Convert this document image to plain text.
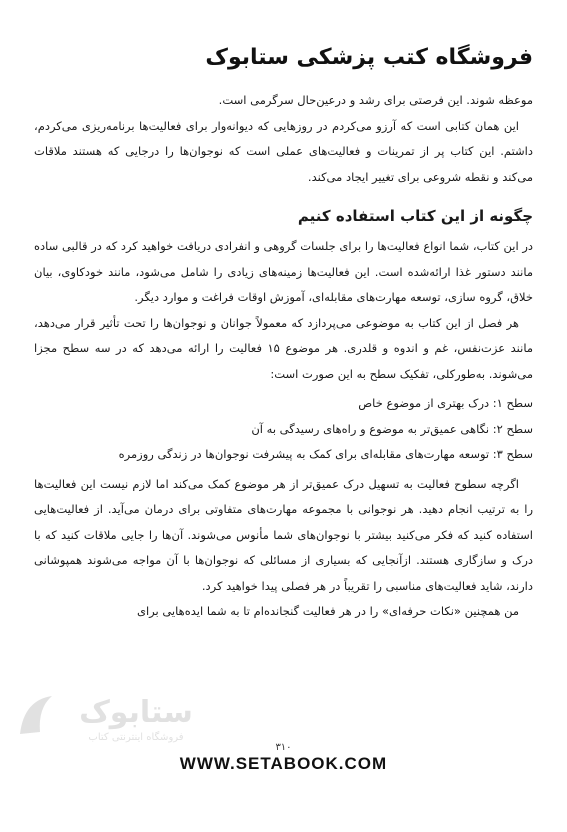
فروشگاه کتب پزشکی ستابوک

موعظه شوند. این فرصتی برای رشد و درعین‌حال سرگرمی است.

این همان کتابی است که آرزو می‌کردم در روزهایی که دیوانه‌وار برای فعالیت‌ها برنامه‌ریزی می‌کردم، داشتم. این کتاب پر از تمرینات و فعالیت‌های عملی است که نوجوان‌ها را درجایی که هستند ملاقات می‌کند و نقطه شروعی برای تغییر ایجاد می‌کند.

چگونه از این کتاب استفاده کنیم

در این کتاب، شما انواع فعالیت‌ها را برای جلسات گروهی و انفرادی دریافت خواهید کرد که در قالبی ساده مانند دستور غذا ارائه‌شده است. این فعالیت‌ها زمینه‌های زیادی را شامل می‌شود، مانند خودکاوی، بیان خلاق، گروه سازی، توسعه مهارت‌های مقابله‌ای، آموزش اوقات فراغت و موارد دیگر.

هر فصل از این کتاب به موضوعی می‌پردازد که معمولاً جوانان و نوجوان‌ها را تحت تأثیر قرار می‌دهد، مانند عزت‌نفس، غم و اندوه و قلدری. هر موضوع ۱۵ فعالیت را ارائه می‌دهد که در سه سطح مجزا می‌شوند. به‌طورکلی، تفکیک سطح به این صورت است:

سطح ۱: درک بهتری از موضوع خاص

سطح ۲: نگاهی عمیق‌تر به موضوع و راه‌های رسیدگی به آن

سطح ۳: توسعه مهارت‌های مقابله‌ای برای کمک به پیشرفت نوجوان‌ها در زندگی روزمره

اگرچه سطوح فعالیت به تسهیل درک عمیق‌تر از هر موضوع کمک می‌کند اما لازم نیست این فعالیت‌ها را به ترتیب انجام دهید. هر نوجوانی با مجموعه مهارت‌های متفاوتی برای درمان می‌آید. از فعالیت‌هایی استفاده کنید که فکر می‌کنید بیشتر با نوجوان‌های شما مأنوس می‌شوند. آن‌ها را جایی ملاقات کنید که با درک و سازگاری هستند. ازآنجایی که بسیاری از مسائلی که نوجوان‌ها با آن مواجه می‌شوند همپوشانی دارند، شاید فعالیت‌های مناسبی را تقریباً در هر فصلی پیدا خواهید کرد.

من همچنین «نکات حرفه‌ای» را در هر فعالیت گنجانده‌ام تا به شما ایده‌هایی برای

ستابوک
فروشگاه اینترنتی کتاب
۳۱۰
WWW.SETABOOK.COM
